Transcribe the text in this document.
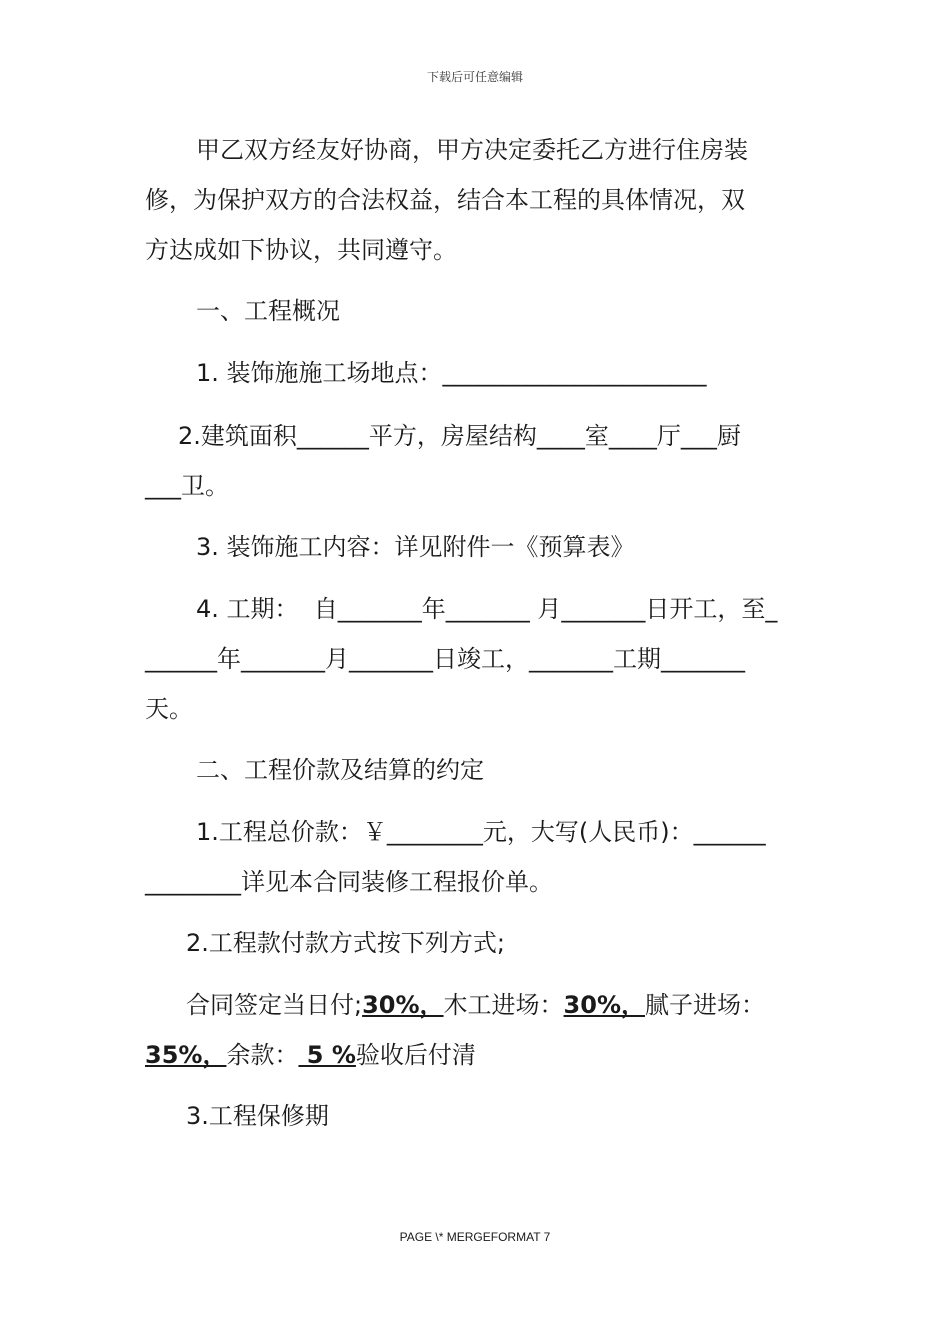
下载后可任意编辑
甲乙双方经友好协商，甲方决定委托乙方进行住房装
修，为保护双方的合法权益，结合本工程的具体情况，双
方达成如下协议，共同遵守。
一、工程概况
1. 装饰施施工场地点：______________________
2.建筑面积______平方，房屋结构____室____厅___厨
___卫。
3. 装饰施工内容：详见附件一《预算表》
4. 工期：  自_______年_______ 月_______日开工，至_
______年_______月_______日竣工，_______工期_______
天。
二、工程价款及结算的约定
1.工程总价款：￥________元，大写(人民币)：______
________详见本合同装修工程报价单。
2.工程款付款方式按下列方式;
合同签定当日付;30%，木工进场：30%，腻子进场：
35%，余款： 5 %验收后付清
3.工程保修期
PAGE \* MERGEFORMAT 7
